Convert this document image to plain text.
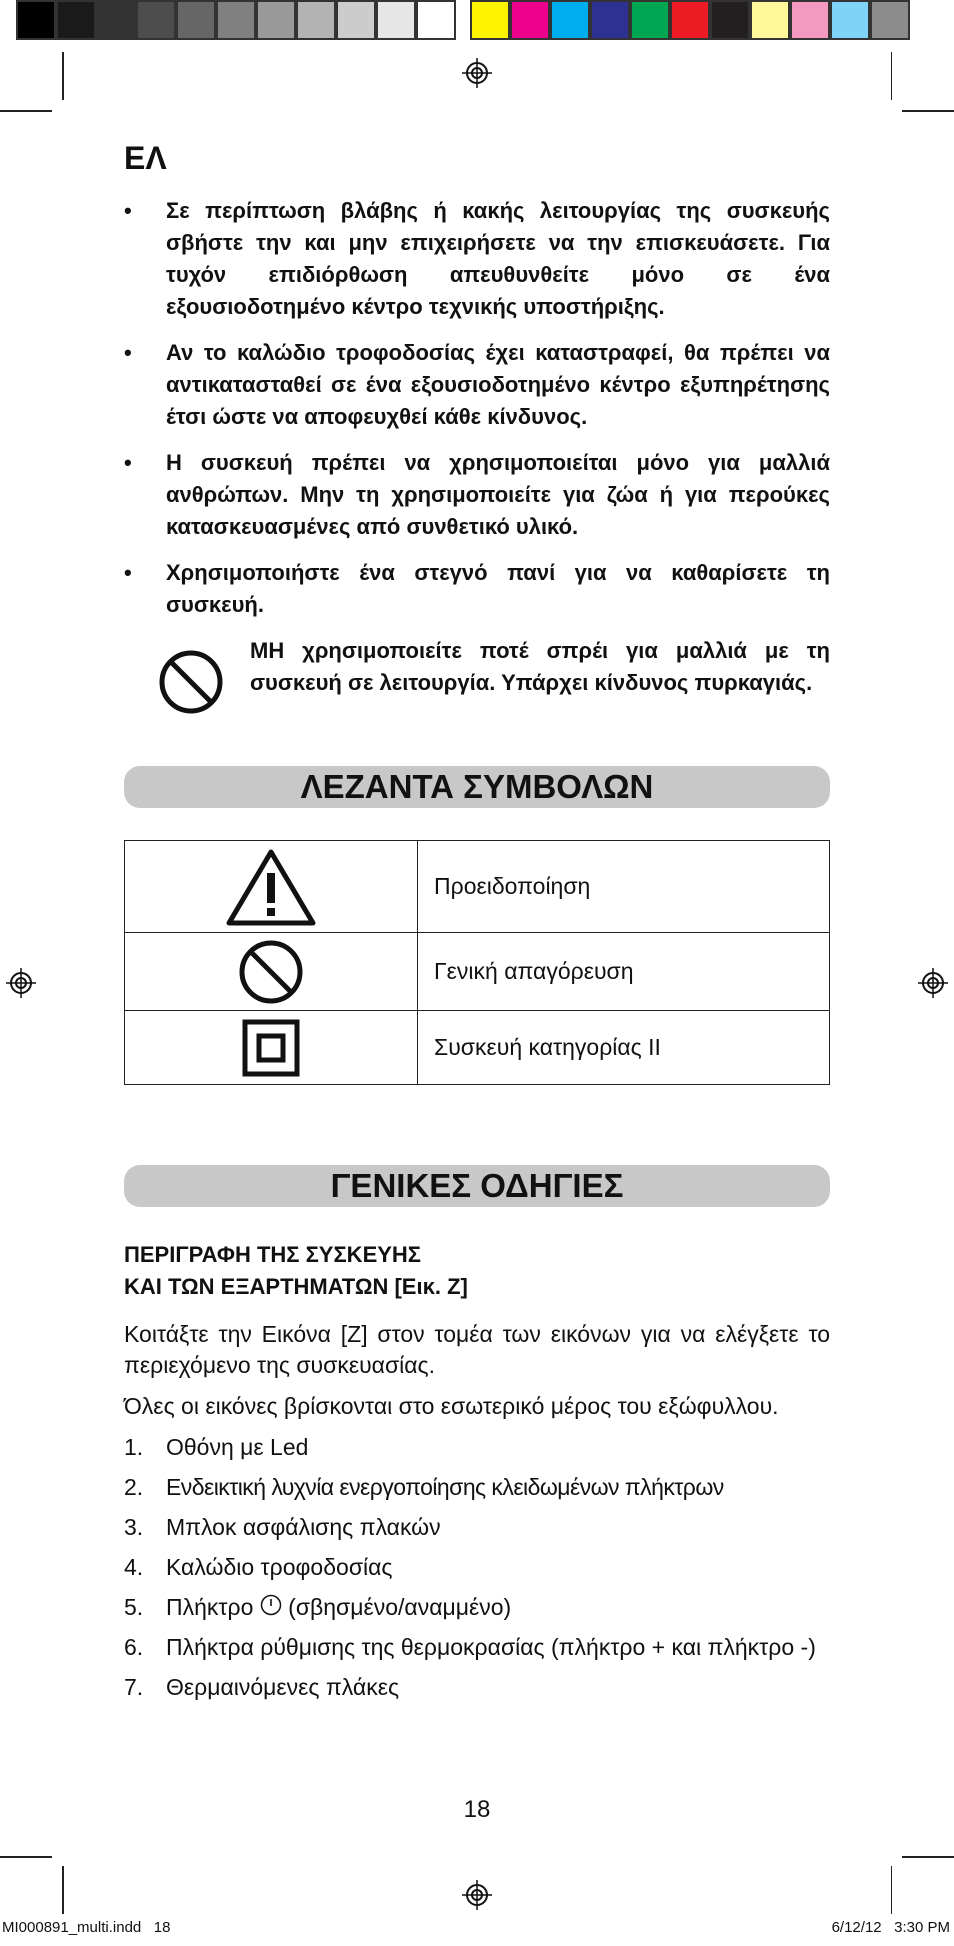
ΕΛ
• Σε περίπτωση βλάβης ή κακής λειτουργίας της συσκευής σβήστε την και μην επιχειρήσετε να την επισκευάσετε. Για τυχόν επιδιόρθωση απευθυνθείτε μόνο σε ένα εξουσιοδοτημένο κέντρο τεχνικής υποστήριξης.
• Αν το καλώδιο τροφοδοσίας έχει καταστραφεί, θα πρέπει να αντικατασταθεί σε ένα εξουσιοδοτημένο κέντρο εξυπηρέτησης έτσι ώστε να αποφευχθεί κάθε κίνδυνος.
• Η συσκευή πρέπει να χρησιμοποιείται μόνο για μαλλιά ανθρώπων. Μην τη χρησιμοποιείτε για ζώα ή για περούκες κατασκευασμένες από συνθετικό υλικό.
• Χρησιμοποιήστε ένα στεγνό πανί για να καθαρίσετε τη συσκευή.
ΜΗ χρησιμοποιείτε ποτέ σπρέι για μαλλιά με τη συσκευή σε λειτουργία. Υπάρχει κίνδυνος πυρκαγιάς.
ΛΕΖΑΝΤΑ ΣΥΜΒΟΛΩΝ
	Προειδοποίηση

	Γενική απαγόρευση

	Συσκευή κατηγορίας II
ΓΕΝΙΚΕΣ ΟΔΗΓΙΕΣ
ΠΕΡΙΓΡΑΦΗ ΤΗΣ ΣΥΣΚΕΥΗΣ
ΚΑΙ ΤΩΝ ΕΞΑΡΤΗΜΑΤΩΝ [Εικ. Ζ]
Κοιτάξτε την Εικόνα [Ζ] στον τομέα των εικόνων για να ελέγξετε το περιεχόμενο της συσκευασίας.
Όλες οι εικόνες βρίσκονται στο εσωτερικό μέρος του εξώφυλλου.
1. Οθόνη με Led
2. Ενδεικτική λυχνία ενεργοποίησης κλειδωμένων πλήκτρων
3. Μπλοκ ασφάλισης πλακών
4. Καλώδιο τροφοδοσίας
5. Πλήκτρο (σβησμένο/αναμμένο)
6. Πλήκτρα ρύθμισης της θερμοκρασίας (πλήκτρο + και πλήκτρο -)
7. Θερμαινόμενες πλάκες
18
MI000891_multi.indd   18	6/12/12   3:30 PM
